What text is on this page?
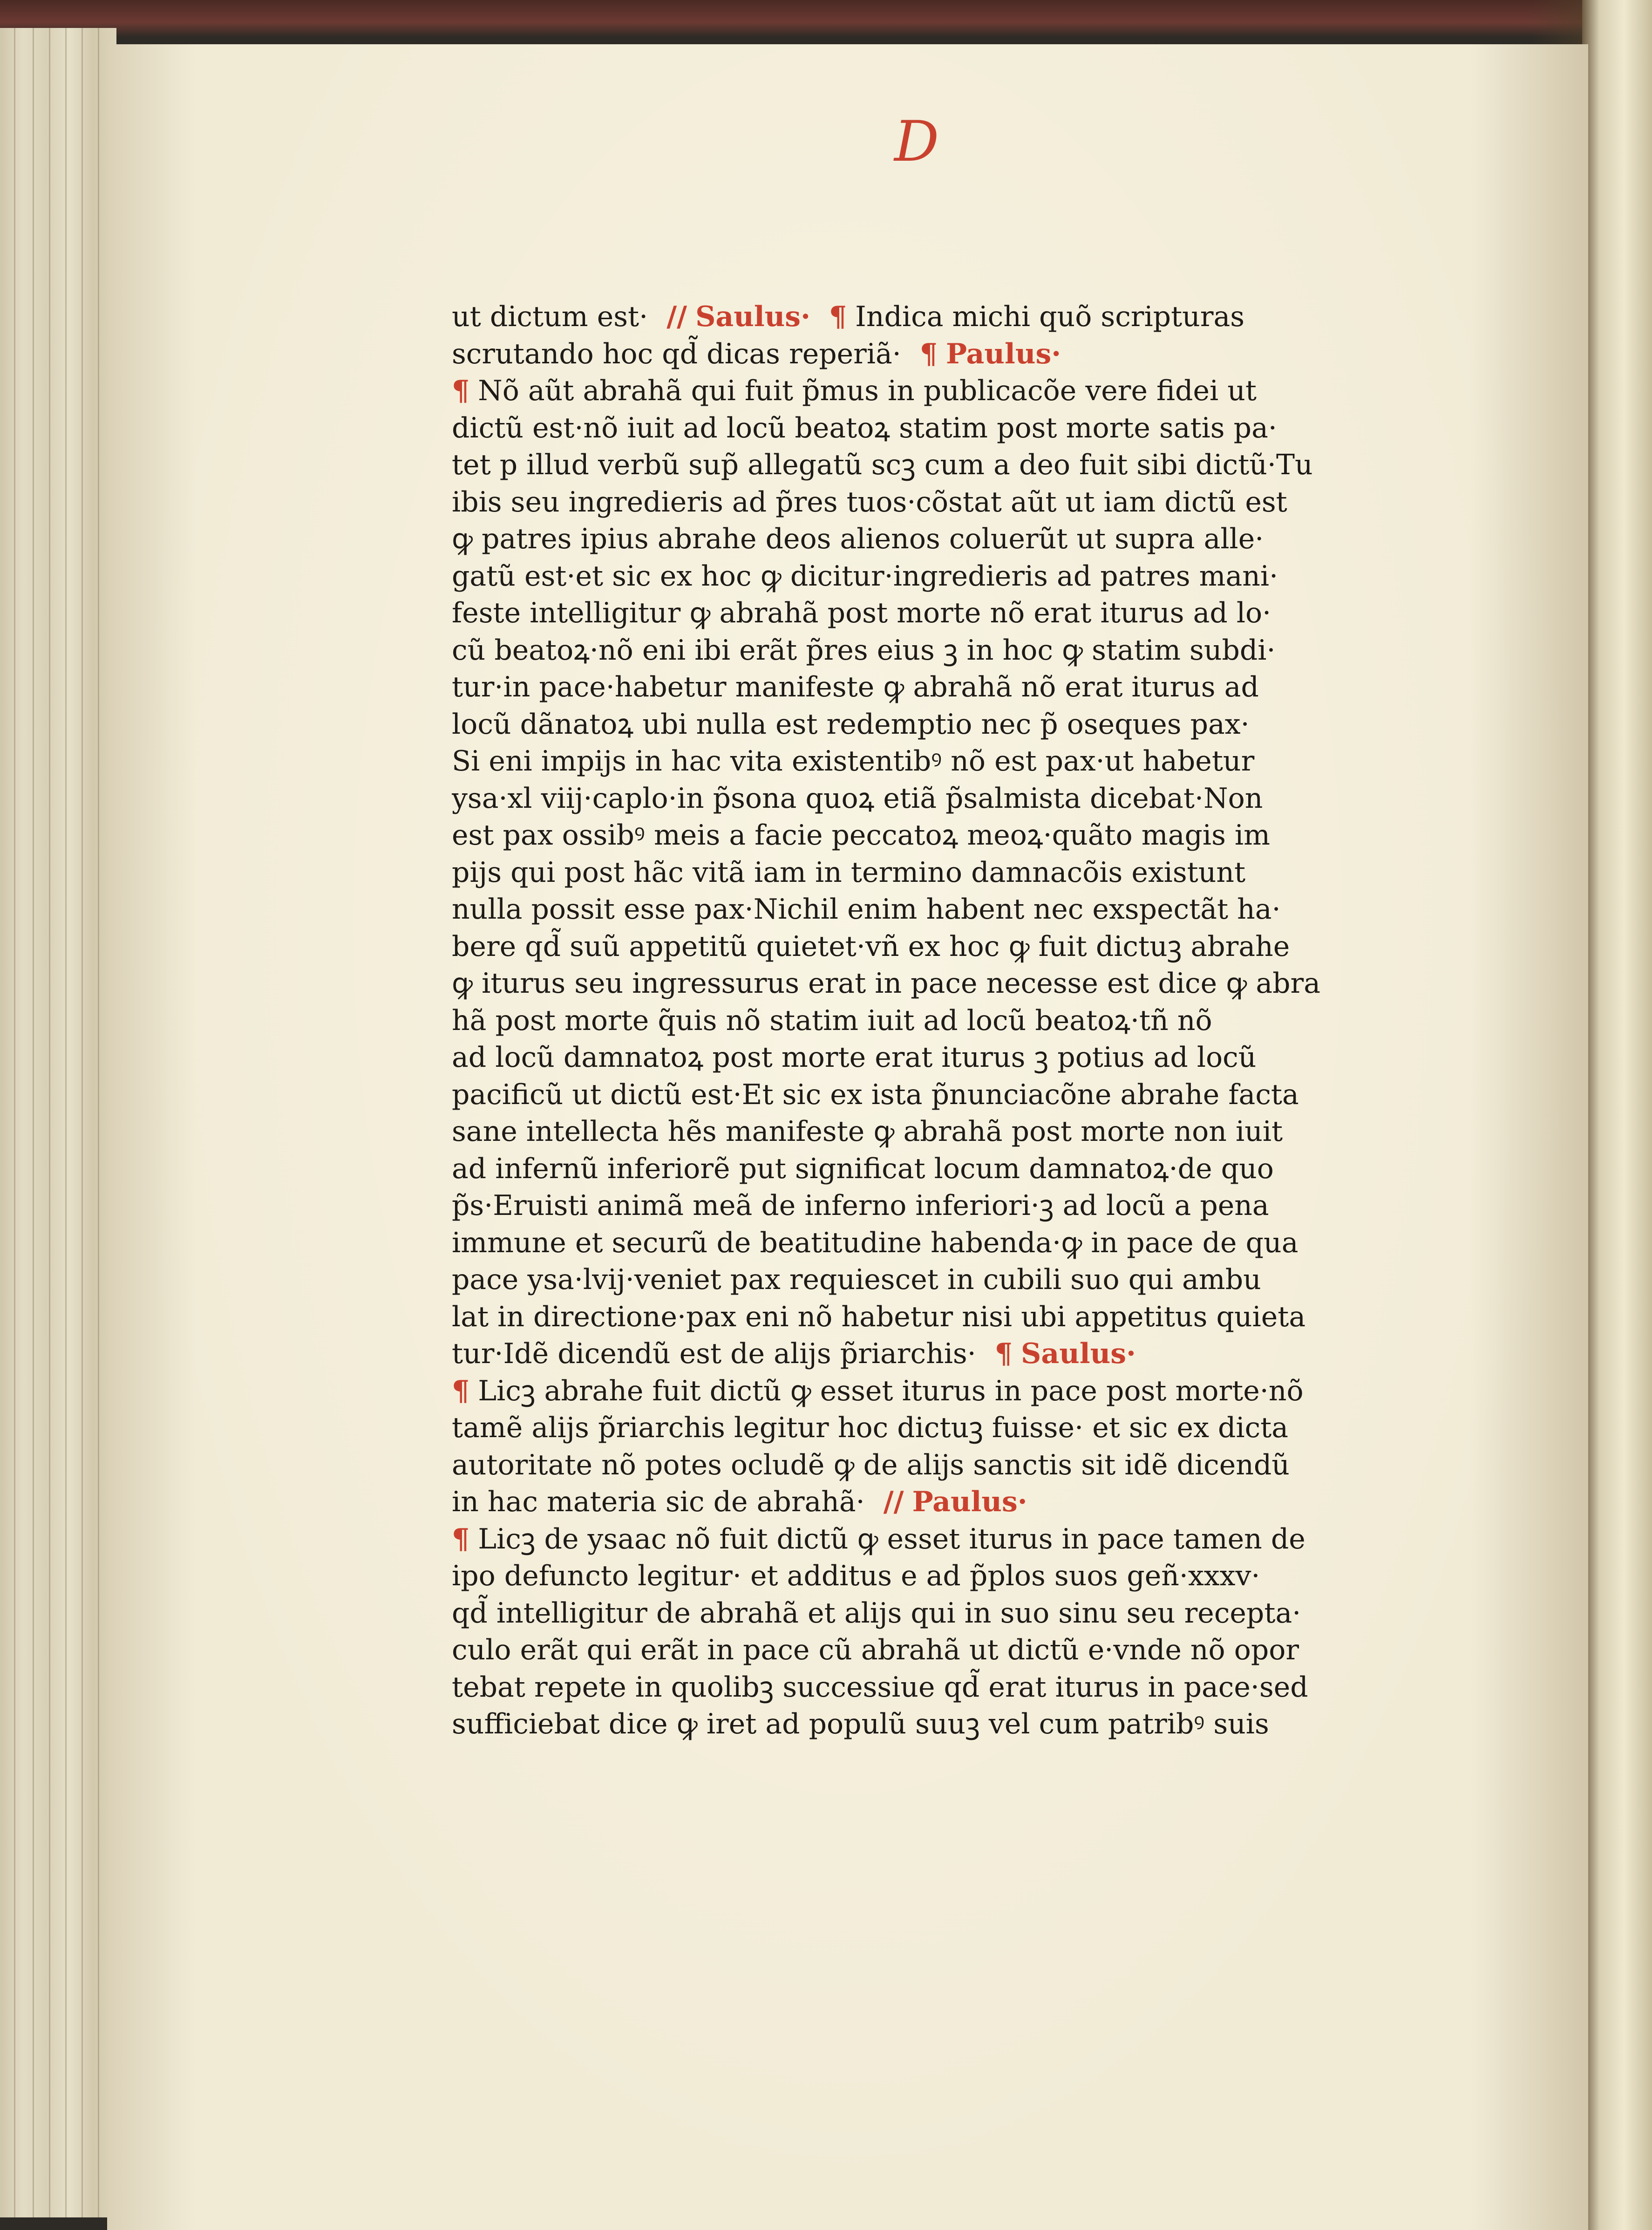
D
ut dictum est· // Saulus· ¶ Indica michi quõ scripturas
scrutando hoc qd̃ dicas reperiã· ¶ Paulus·
¶ Nõ aũt abrahã qui fuit p̃mus in publicacõe vere fidei ut
dictũ est·nõ iuit ad locũ beatoꝝ statim post morte satis pa·
tet p illud verbũ sup̃ allegatũ scꝫ cum a deo fuit sibi dictũ·Tu
ibis seu ingredieris ad p̃res tuos·cõstat aũt ut iam dictũ est
ꝙ patres ipius abrahe deos alienos coluerũt ut supra alle·
gatũ est·et sic ex hoc ꝙ dicitur·ingredieris ad patres mani·
feste intelligitur ꝙ abrahã post morte nõ erat iturus ad lo·
cũ beatoꝝ·nõ eni ibi erãt p̃res eius ꝫ in hoc ꝙ statim subdi·
tur·in pace·habetur manifeste ꝙ abrahã nõ erat iturus ad
locũ dãnatoꝝ ubi nulla est redemptio nec p̃ oseques pax·
Si eni impijs in hac vita existentibꝰ nõ est pax·ut habetur
ysa·xl viij·caplo·in p̃sona quoꝝ etiã p̃salmista dicebat·Non
est pax ossibꝰ meis a facie peccatoꝝ meoꝝ·quãto magis im
pijs qui post hãc vitã iam in termino damnacõis existunt
nulla possit esse pax·Nichil enim habent nec exspectãt ha·
bere qd̃ suũ appetitũ quietet·vñ ex hoc ꝙ fuit dictuꝫ abrahe
ꝙ iturus seu ingressurus erat in pace necesse est dice ꝙ abra
hã post morte q̃uis nõ statim iuit ad locũ beatoꝝ·tñ nõ
ad locũ damnatoꝝ post morte erat iturus ꝫ potius ad locũ
pacificũ ut dictũ est·Et sic ex ista p̃nunciacõne abrahe facta
sane intellecta hẽs manifeste ꝙ abrahã post morte non iuit
ad infernũ inferiorẽ put significat locum damnatoꝝ·de quo
p̃s·Eruisti animã meã de inferno inferiori·ꝫ ad locũ a pena
immune et securũ de beatitudine habenda·ꝙ in pace de qua
pace ysa·lvij·veniet pax requiescet in cubili suo qui ambu
lat in directione·pax eni nõ habetur nisi ubi appetitus quieta
tur·Idẽ dicendũ est de alijs p̃riarchis· ¶ Saulus·
¶ Licꝫ abrahe fuit dictũ ꝙ esset iturus in pace post morte·nõ
tamẽ alijs p̃riarchis legitur hoc dictuꝫ fuisse· et sic ex dicta
autoritate nõ potes ocludẽ ꝙ de alijs sanctis sit idẽ dicendũ
in hac materia sic de abrahã· // Paulus·
¶ Licꝫ de ysaac nõ fuit dictũ ꝙ esset iturus in pace tamen de
ipo defuncto legitur· et additus e ad p̃plos suos geñ·xxxv·
qd̃ intelligitur de abrahã et alijs qui in suo sinu seu recepta·
culo erãt qui erãt in pace cũ abrahã ut dictũ e·vnde nõ opor
tebat repete in quolibꝫ successiue qd̃ erat iturus in pace·sed
sufficiebat dice ꝙ iret ad populũ suuꝫ vel cum patribꝰ suis
